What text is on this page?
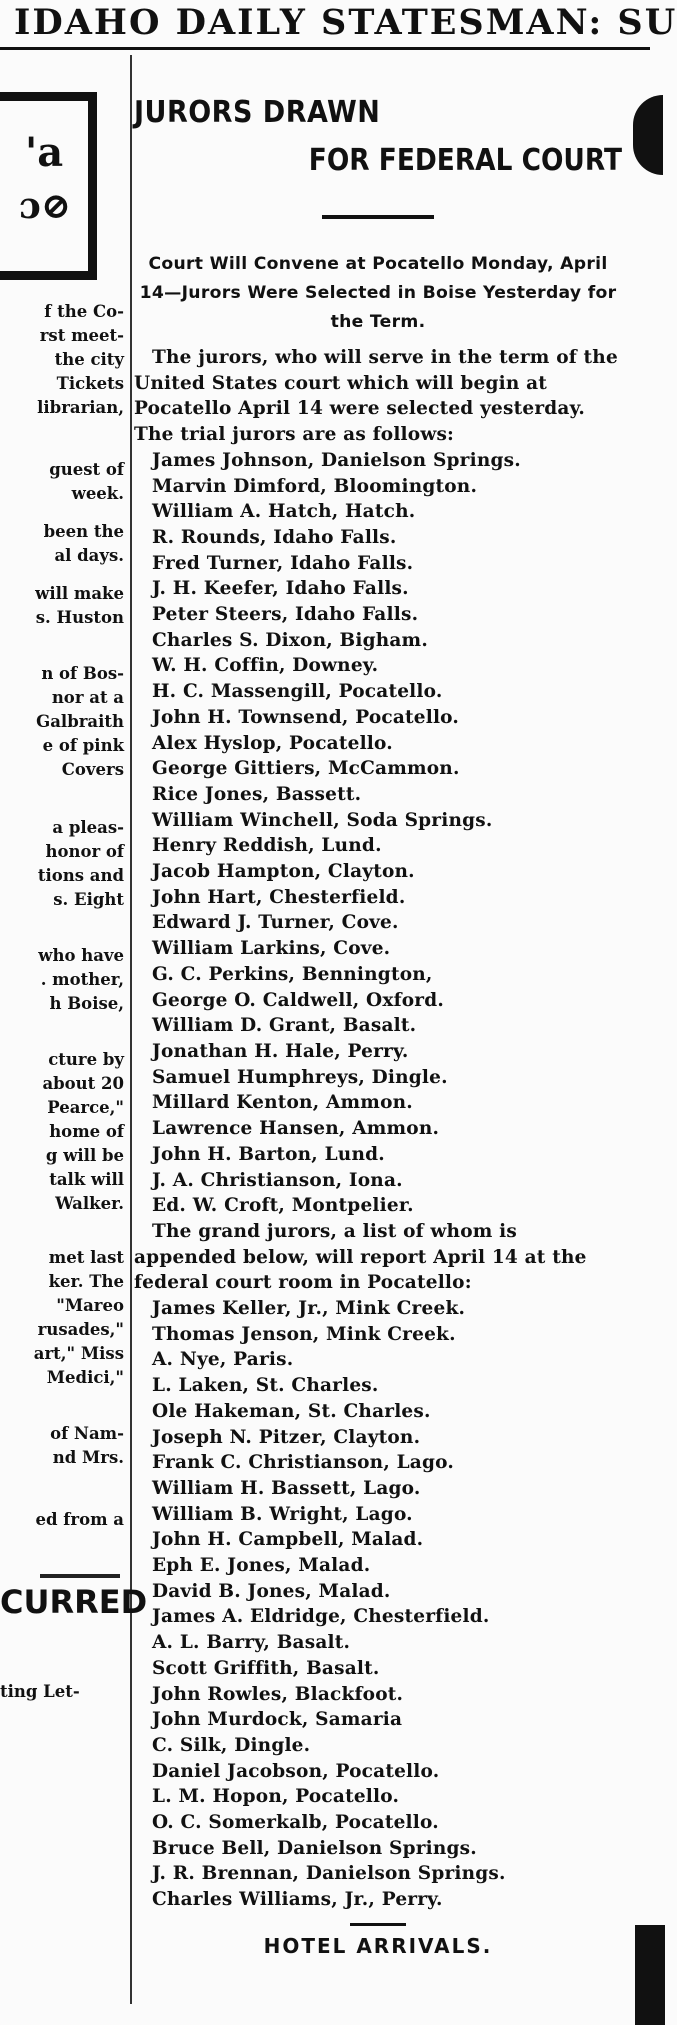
IDAHO DAILY STATESMAN: SU
'a
ɔ⊘
f the Co-
rst meet-
the city
Tickets
librarian,
guest of
week.
been the
al days.
will make
s. Huston
n of Bos-
nor at a
Galbraith
e of pink
Covers
a pleas-
honor of
tions and
s. Eight
who have
. mother,
h Boise,
cture by
about 20
Pearce,"
home of
g will be
talk will
Walker.
met last
ker. The
"Mareo
rusades,"
art," Miss
Medici,"
of Nam-
nd Mrs.
ed from a
CURRED
ting Let-
JURORS DRAWN
FOR FEDERAL COURT
Court Will Convene at Pocatello Monday, April 14—Jurors Were Selected in Boise Yesterday for the Term.
The jurors, who will serve in the term of the United States court which will begin at Pocatello April 14 were selected yesterday. The trial jurors are as follows:
James Johnson, Danielson Springs.
Marvin Dimford, Bloomington.
William A. Hatch, Hatch.
R. Rounds, Idaho Falls.
Fred Turner, Idaho Falls.
J. H. Keefer, Idaho Falls.
Peter Steers, Idaho Falls.
Charles S. Dixon, Bigham.
W. H. Coffin, Downey.
H. C. Massengill, Pocatello.
John H. Townsend, Pocatello.
Alex Hyslop, Pocatello.
George Gittiers, McCammon.
Rice Jones, Bassett.
William Winchell, Soda Springs.
Henry Reddish, Lund.
Jacob Hampton, Clayton.
John Hart, Chesterfield.
Edward J. Turner, Cove.
William Larkins, Cove.
G. C. Perkins, Bennington,
George O. Caldwell, Oxford.
William D. Grant, Basalt.
Jonathan H. Hale, Perry.
Samuel Humphreys, Dingle.
Millard Kenton, Ammon.
Lawrence Hansen, Ammon.
John H. Barton, Lund.
J. A. Christianson, Iona.
Ed. W. Croft, Montpelier.
The grand jurors, a list of whom is appended below, will report April 14 at the federal court room in Pocatello:
James Keller, Jr., Mink Creek.
Thomas Jenson, Mink Creek.
A. Nye, Paris.
L. Laken, St. Charles.
Ole Hakeman, St. Charles.
Joseph N. Pitzer, Clayton.
Frank C. Christianson, Lago.
William H. Bassett, Lago.
William B. Wright, Lago.
John H. Campbell, Malad.
Eph E. Jones, Malad.
David B. Jones, Malad.
James A. Eldridge, Chesterfield.
A. L. Barry, Basalt.
Scott Griffith, Basalt.
John Rowles, Blackfoot.
John Murdock, Samaria
C. Silk, Dingle.
Daniel Jacobson, Pocatello.
L. M. Hopon, Pocatello.
O. C. Somerkalb, Pocatello.
Bruce Bell, Danielson Springs.
J. R. Brennan, Danielson Springs.
Charles Williams, Jr., Perry.
HOTEL ARRIVALS.
